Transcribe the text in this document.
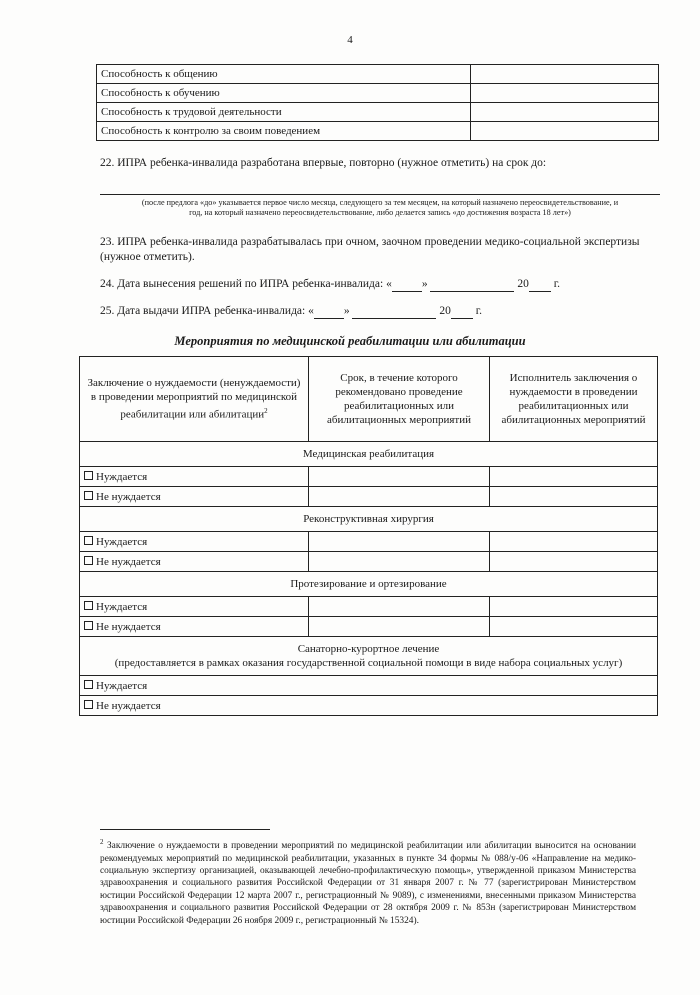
4
Способность к общению	
Способность к обучению	
Способность к трудовой деятельности	
Способность к контролю за своим поведением	
22. ИПРА ребенка-инвалида разработана впервые, повторно (нужное отметить) на срок до:
(после предлога «до» указывается первое число месяца, следующего за тем месяцем, на который назначено переосвидетельствование, и
год, на который назначено переосвидетельствование, либо делается запись «до достижения возраста 18 лет»)
23. ИПРА ребенка-инвалида разрабатывалась при очном, заочном проведении медико-социальной экспертизы
(нужное отметить).
24. Дата вынесения решений по ИПРА ребенка-инвалида: «	»	20 г.
25. Дата выдачи ИПРА ребенка-инвалида: «	»	20 г.
Мероприятия по медицинской реабилитации или абилитации
Заключение о нуждаемости (ненуждаемости) в проведении мероприятий по медицинской реабилитации или абилитации$^2$	Срок, в течение которого рекомендовано проведение реабилитационных или абилитационных мероприятий	Исполнитель заключения о нуждаемости в проведении реабилитационных или абилитационных мероприятий
Медицинская реабилитация		
Нуждается		
Не нуждается		
Реконструктивная хирургия		
Нуждается		
Не нуждается		
Протезирование и ортезирование		
Нуждается		
Не нуждается		

Санаторно-курортное лечение
(предоставляется в рамках оказания государственной социальной помощи в виде набора социальных услуг)		

Нуждается		
Не нуждается		
$^2$ Заключение о нуждаемости в проведении мероприятий по медицинской реабилитации или абилитации выносится на основании рекомендуемых мероприятий по медицинской реабилитации, указанных в пункте 34 формы № 088/у-06 «Направление на медико-социальную экспертизу организацией, оказывающей лечебно-профилактическую помощь», утвержденной приказом Министерства здравоохранения и социального развития Российской Федерации от 31 января 2007 г. № 77 (зарегистрирован Министерством юстиции Российской Федерации 12 марта 2007 г., регистрационный № 9089), с изменениями, внесенными приказом Министерства здравоохранения и социального развития Российской Федерации от 28 октября 2009 г. № 853н (зарегистрирован Министерством юстиции Российской Федерации 26 ноября 2009 г., регистрационный № 15324).
